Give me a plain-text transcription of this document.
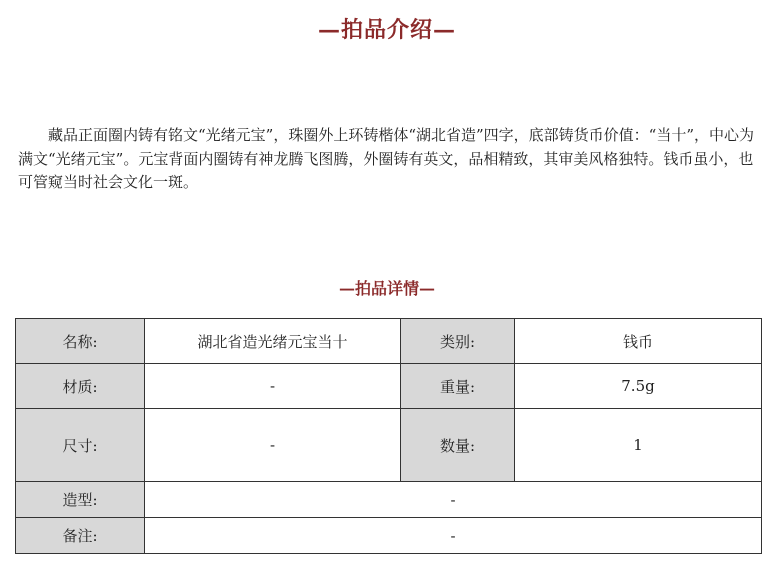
—拍品介绍—

藏品正面圈内铸有铭文“光绪元宝”，珠圈外上环铸楷体“湖北省造”四字，底部铸货币价值：“当十”，中心为满文“光绪元宝”。元宝背面内圈铸有神龙腾飞图腾，外圈铸有英文，品相精致，其审美风格独特。钱币虽小，也可管窥当时社会文化一斑。

—拍品详情—
名称:	湖北省造光绪元宝当十	类别:	钱币
材质:	-	重量:	7.5g
尺寸:	-	数量:	1
造型:	-		
备注:	-		
